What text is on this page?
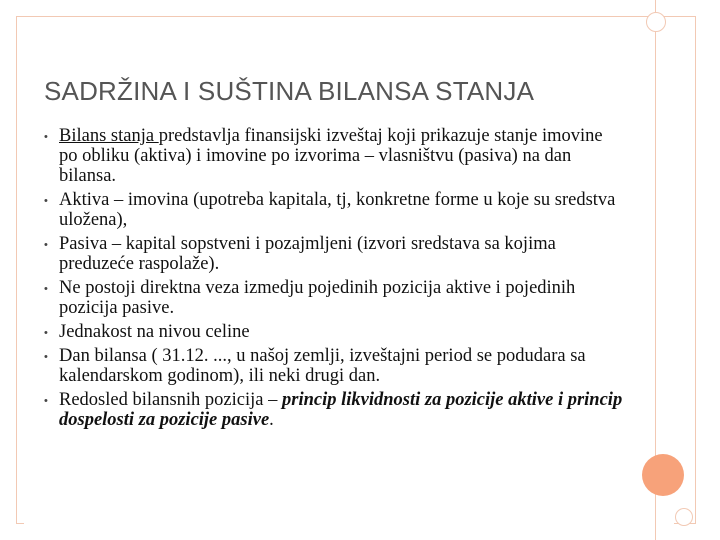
SADRŽINA I SUŠTINA BILANSA STANJA
• Bilans stanja predstavlja finansijski izveštaj koji prikazuje stanje imovine po obliku (aktiva) i imovine po izvorima – vlasništvu (pasiva) na dan bilansa.
• Aktiva – imovina (upotreba kapitala, tj, konkretne forme u koje su sredstva uložena),
• Pasiva – kapital sopstveni i pozajmljeni (izvori sredstava sa kojima preduzeće raspolaže).
• Ne postoji direktna veza izmedju pojedinih pozicija aktive i pojedinih pozicija pasive.
• Jednakost na nivou celine
• Dan bilansa ( 31.12. ..., u našoj zemlji, izveštajni period se podudara sa kalendarskom godinom), ili neki drugi dan.
• Redosled bilansnih pozicija – princip likvidnosti za pozicije aktive i princip dospelosti za pozicije pasive.
